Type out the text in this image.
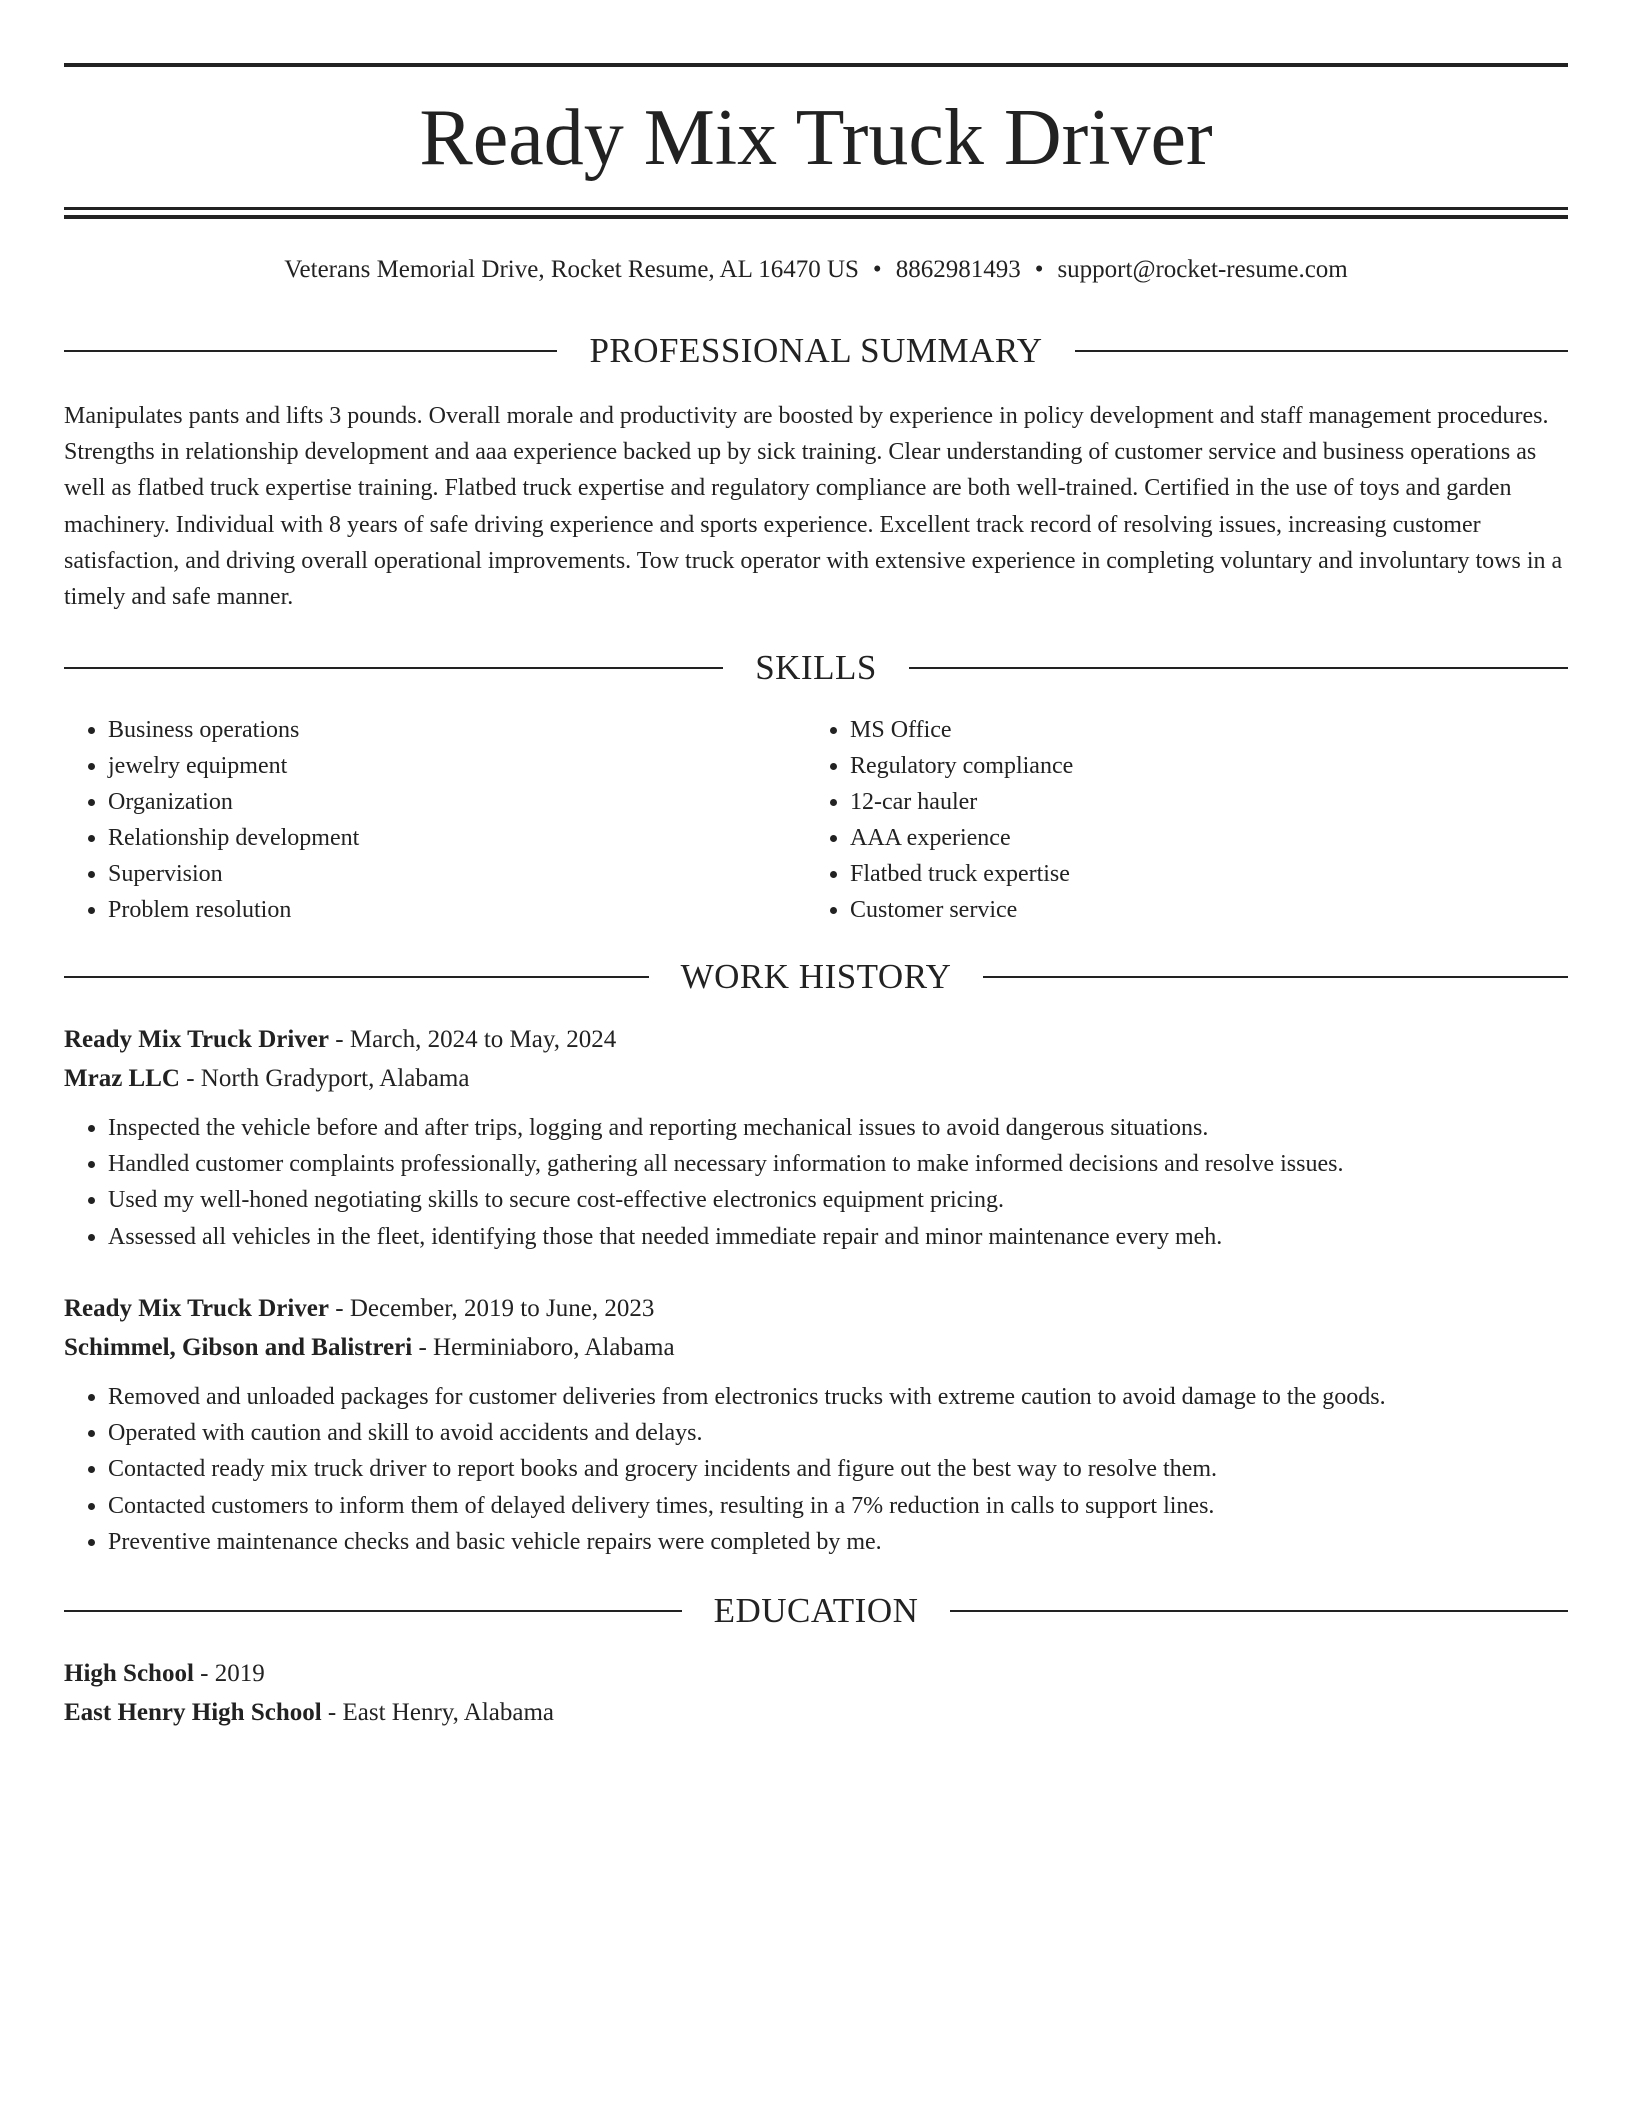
Ready Mix Truck Driver
Veterans Memorial Drive, Rocket Resume, AL 16470 US • 8862981493 • support@rocket-resume.com
PROFESSIONAL SUMMARY
Manipulates pants and lifts 3 pounds. Overall morale and productivity are boosted by experience in policy development and staff management procedures. Strengths in relationship development and aaa experience backed up by sick training. Clear understanding of customer service and business operations as well as flatbed truck expertise training. Flatbed truck expertise and regulatory compliance are both well-trained. Certified in the use of toys and garden machinery. Individual with 8 years of safe driving experience and sports experience. Excellent track record of resolving issues, increasing customer satisfaction, and driving overall operational improvements. Tow truck operator with extensive experience in completing voluntary and involuntary tows in a timely and safe manner.
SKILLS
• Business operations
• jewelry equipment
• Organization
• Relationship development
• Supervision
• Problem resolution
• MS Office
• Regulatory compliance
• 12-car hauler
• AAA experience
• Flatbed truck expertise
• Customer service
WORK HISTORY
Ready Mix Truck Driver - March, 2024 to May, 2024
Mraz LLC - North Gradyport, Alabama
• Inspected the vehicle before and after trips, logging and reporting mechanical issues to avoid dangerous situations.
• Handled customer complaints professionally, gathering all necessary information to make informed decisions and resolve issues.
• Used my well-honed negotiating skills to secure cost-effective electronics equipment pricing.
• Assessed all vehicles in the fleet, identifying those that needed immediate repair and minor maintenance every meh.
Ready Mix Truck Driver - December, 2019 to June, 2023
Schimmel, Gibson and Balistreri - Herminiaboro, Alabama
• Removed and unloaded packages for customer deliveries from electronics trucks with extreme caution to avoid damage to the goods.
• Operated with caution and skill to avoid accidents and delays.
• Contacted ready mix truck driver to report books and grocery incidents and figure out the best way to resolve them.
• Contacted customers to inform them of delayed delivery times, resulting in a 7% reduction in calls to support lines.
• Preventive maintenance checks and basic vehicle repairs were completed by me.
EDUCATION
High School - 2019
East Henry High School - East Henry, Alabama
